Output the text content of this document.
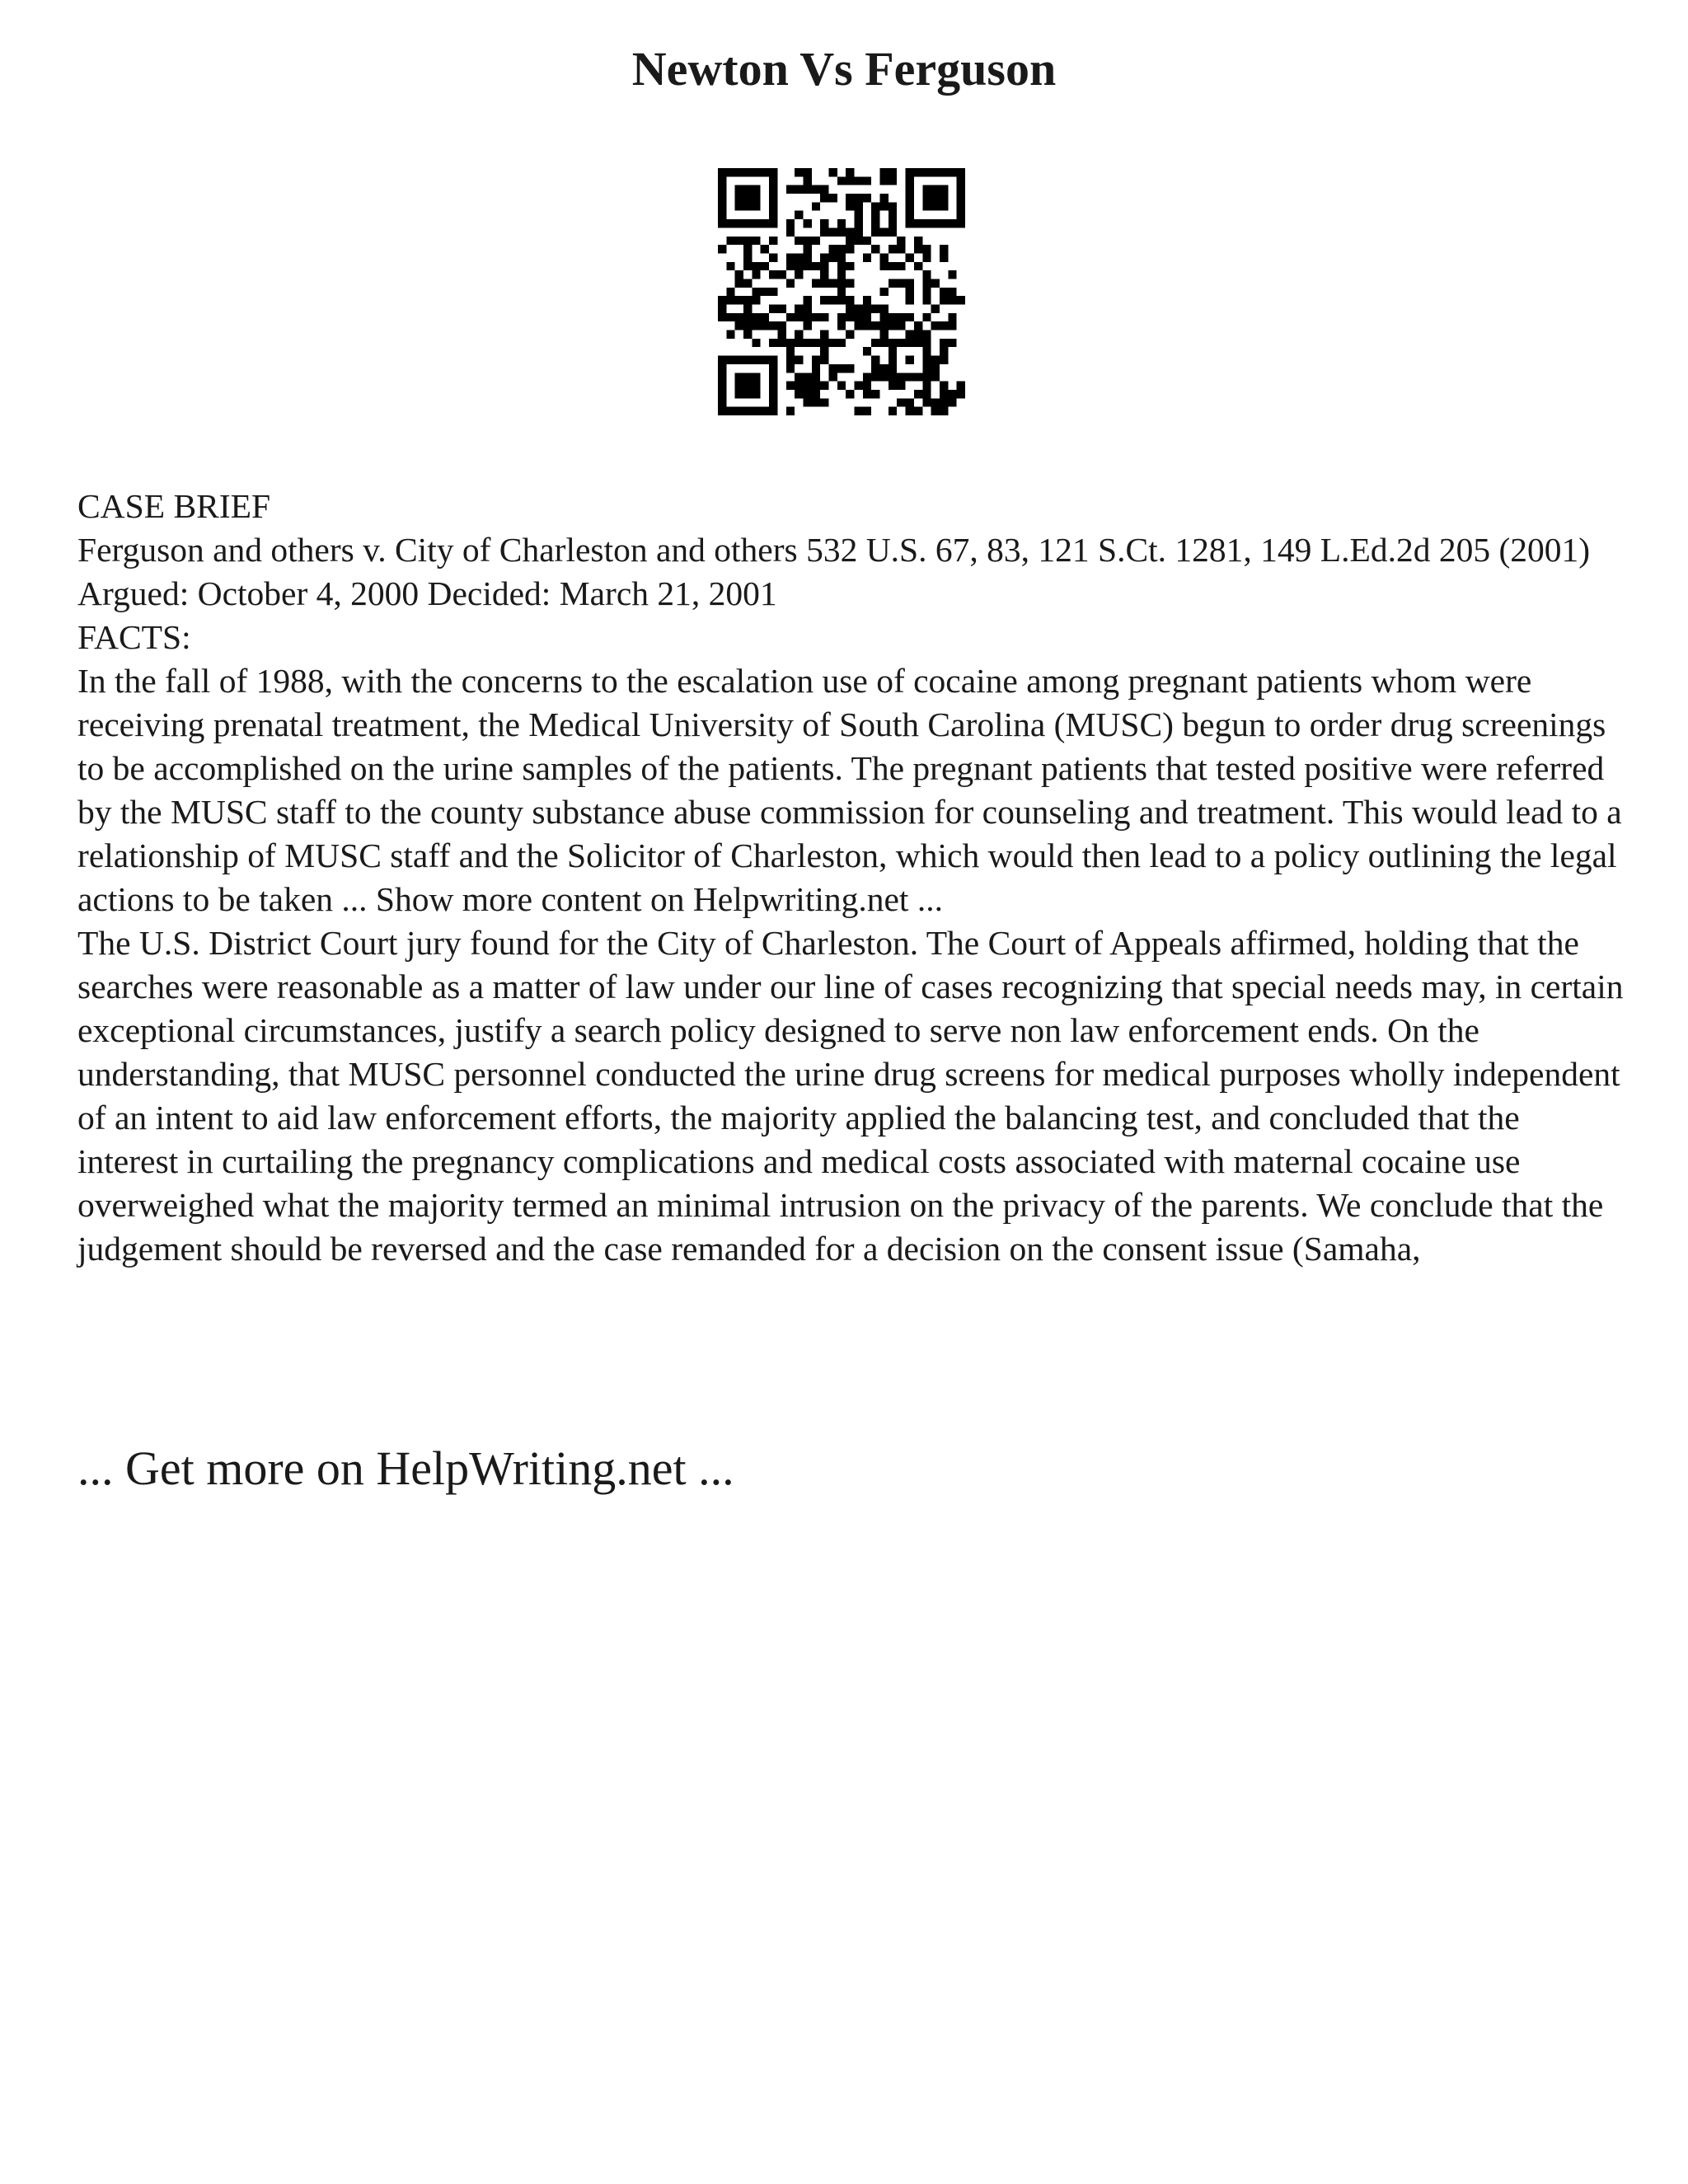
Newton Vs Ferguson

CASE BRIEF

Ferguson and others v. City of Charleston and others 532 U.S. 67, 83, 121 S.Ct. 1281, 149 L.Ed.2d 205 (2001)

Argued: October 4, 2000 Decided: March 21, 2001

FACTS:

In the fall of 1988, with the concerns to the escalation use of cocaine among pregnant patients whom were receiving prenatal treatment, the Medical University of South Carolina (MUSC) begun to order drug screenings to be accomplished on the urine samples of the patients. The pregnant patients that tested positive were referred by the MUSC staff to the county substance abuse commission for counseling and treatment. This would lead to a relationship of MUSC staff and the Solicitor of Charleston, which would then lead to a policy outlining the legal actions to be taken ... Show more content on Helpwriting.net ...

The U.S. District Court jury found for the City of Charleston. The Court of Appeals affirmed, holding that the searches were reasonable as a matter of law under our line of cases recognizing that special needs may, in certain exceptional circumstances, justify a search policy designed to serve non law enforcement ends. On the understanding, that MUSC personnel conducted the urine drug screens for medical purposes wholly independent of an intent to aid law enforcement efforts, the majority applied the balancing test, and concluded that the interest in curtailing the pregnancy complications and medical costs associated with maternal cocaine use overweighed what the majority termed an minimal intrusion on the privacy of the parents. We conclude that the judgement should be reversed and the case remanded for a decision on the consent issue (Samaha,

... Get more on HelpWriting.net ...
